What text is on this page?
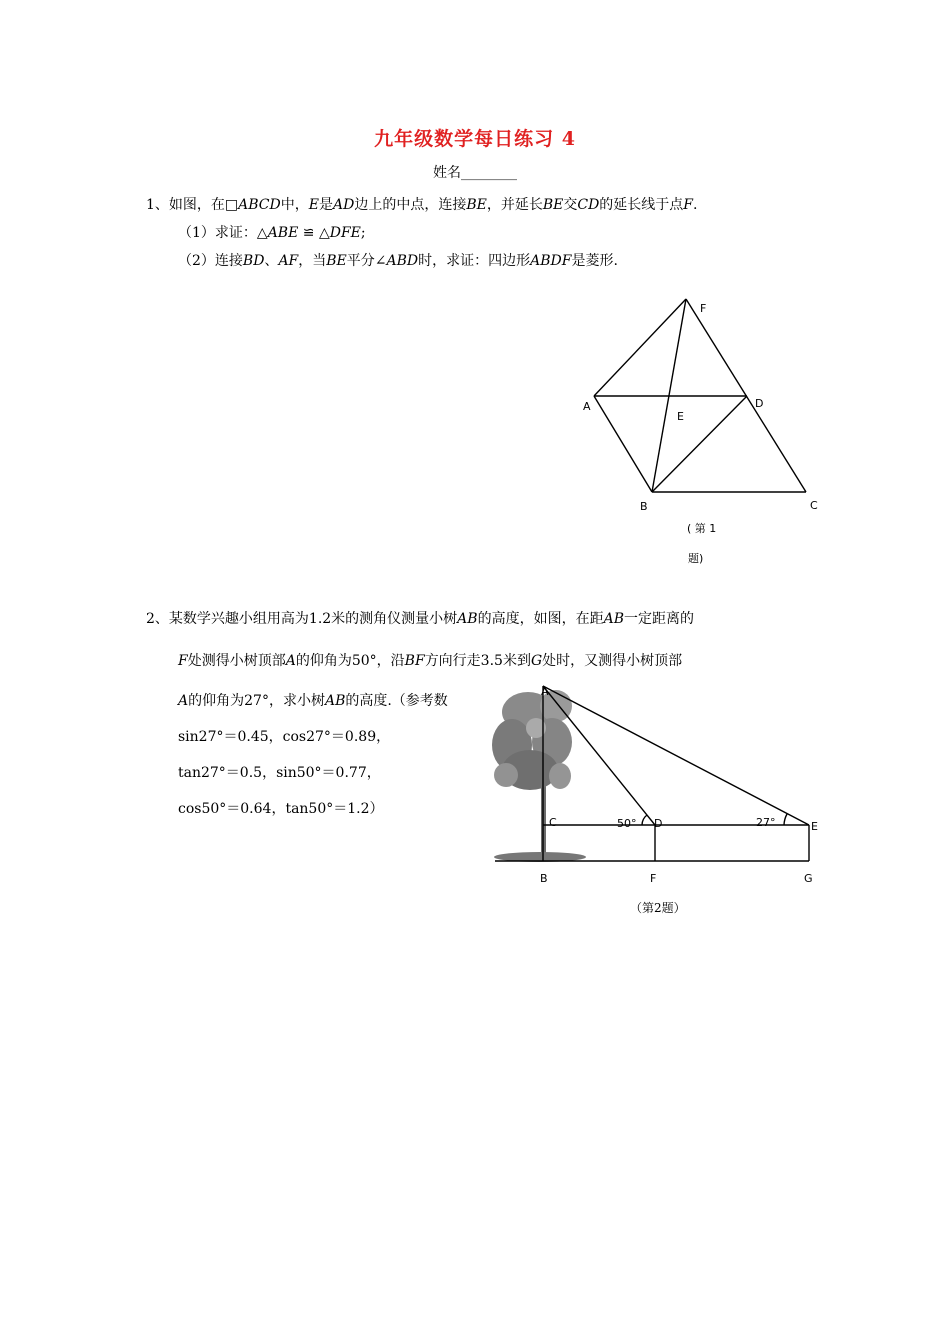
九年级数学每日练习 4
姓名________
1、如图，在□ABCD中，E是AD边上的中点，连接BE，并延长BE交CD的延长线于点F.
（1）求证：△ABE ≌ △DFE;
（2）连接BD、AF，当BE平分∠ABD时，求证：四边形ABDF是菱形.
F
A	D
E
B	C
( 第 1
题)
2、某数学兴趣小组用高为1.2米的测角仪测量小树AB的高度，如图，在距AB一定距离的
F处测得小树顶部A的仰角为50°，沿BF方向行走3.5米到G处时，又测得小树顶部
A的仰角为27°，求小树AB的高度.（参考数
sin27°＝0.45，cos27°＝0.89，
tan27°＝0.5，sin50°＝0.77，
cos50°＝0.64，tan50°＝1.2）
C	50° D	27°	E
B	F	G
A
（第2题）
